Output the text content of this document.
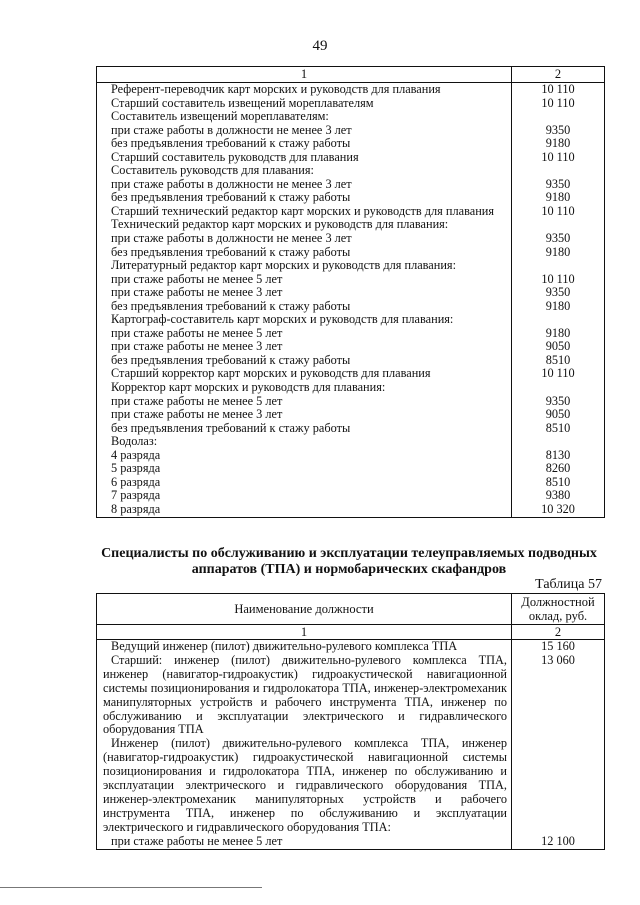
49
1	2
Референт-переводчик карт морских и руководств для плавания	10 110
Старший составитель извещений мореплавателям	10 110
Составитель извещений мореплавателям:	
при стаже работы в должности не менее 3 лет	9350
без предъявления требований к стажу работы	9180
Старший составитель руководств для плавания	10 110
Составитель руководств для плавания:	
при стаже работы в должности не менее 3 лет	9350
без предъявления требований к стажу работы	9180
Старший технический редактор карт морских и руководств для плавания	10 110
Технический редактор карт морских и руководств для плавания:	
при стаже работы в должности не менее 3 лет	9350
без предъявления требований к стажу работы	9180
Литературный редактор карт морских и руководств для плавания:	
при стаже работы не менее 5 лет	10 110
при стаже работы не менее 3 лет	9350
без предъявления требований к стажу работы	9180
Картограф-составитель карт морских и руководств для плавания:	
при стаже работы не менее 5 лет	9180
при стаже работы не менее 3 лет	9050
без предъявления требований к стажу работы	8510
Старший корректор карт морских и руководств для плавания	10 110
Корректор карт морских и руководств для плавания:	
при стаже работы не менее 5 лет	9350
при стаже работы не менее 3 лет	9050
без предъявления требований к стажу работы	8510
Водолаз:	
4 разряда	8130
5 разряда	8260
6 разряда	8510
7 разряда	9380
8 разряда	10 320
Специалисты по обслуживанию и эксплуатации телеуправляемых подводных аппаратов (ТПА) и нормобарических скафандров
Таблица 57
Наименование должности	Должностной оклад, руб.
1	2

Ведущий инженер (пилот) движительно-рулевого комплекса ТПА	15 160

Старший: инженер (пилот) движительно-рулевого комплекса ТПА, инженер (навигатор-гидроакустик) гидроакустической навигационной системы позиционирования и гидролокатора ТПА, инженер-электромеханик манипуляторных устройств и рабочего инструмента ТПА, инженер по обслуживанию и эксплуатации электрического и гидравлического оборудования ТПА	13 060

Инженер (пилот) движительно-рулевого комплекса ТПА, инженер (навигатор-гидроакустик) гидроакустической навигационной системы позиционирования и гидролокатора ТПА, инженер по обслуживанию и эксплуатации электрического и гидравлического оборудования ТПА, инженер-электромеханик манипуляторных устройств и рабочего инструмента ТПА, инженер по обслуживанию и эксплуатации электрического и гидравлического оборудования ТПА:	

при стаже работы не менее 5 лет	12 100
